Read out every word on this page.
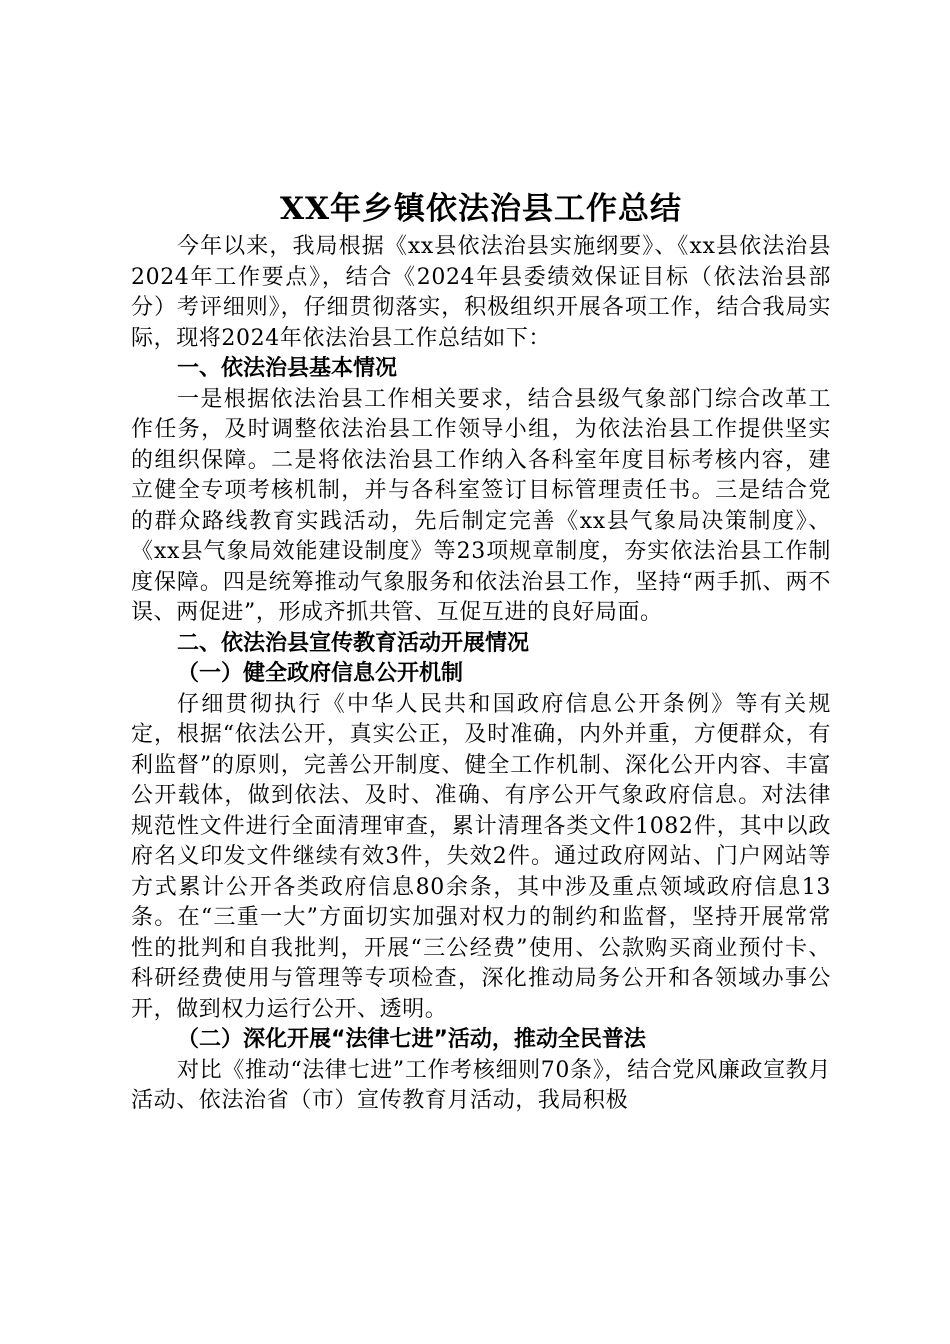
XX年乡镇依法治县工作总结

今年以来，我局根据《xx县依法治县实施纲要》、《xx县依法治县2024年工作要点》，结合《2024年县委绩效保证目标（依法治县部分）考评细则》，仔细贯彻落实，积极组织开展各项工作，结合我局实际，现将2024年依法治县工作总结如下：

一、依法治县基本情况

一是根据依法治县工作相关要求，结合县级气象部门综合改革工作任务，及时调整依法治县工作领导小组，为依法治县工作提供坚实的组织保障。二是将依法治县工作纳入各科室年度目标考核内容，建立健全专项考核机制，并与各科室签订目标管理责任书。三是结合党的群众路线教育实践活动，先后制定完善《xx县气象局决策制度》、《xx县气象局效能建设制度》等23项规章制度，夯实依法治县工作制度保障。四是统筹推动气象服务和依法治县工作，坚持“两手抓、两不误、两促进”，形成齐抓共管、互促互进的良好局面。

二、依法治县宣传教育活动开展情况

（一）健全政府信息公开机制

仔细贯彻执行《中华人民共和国政府信息公开条例》等有关规定，根据“依法公开，真实公正，及时准确，内外并重，方便群众，有利监督”的原则，完善公开制度、健全工作机制、深化公开内容、丰富公开载体，做到依法、及时、准确、有序公开气象政府信息。对法律规范性文件进行全面清理审查，累计清理各类文件1082件，其中以政府名义印发文件继续有效3件，失效2件。通过政府网站、门户网站等方式累计公开各类政府信息80余条，其中涉及重点领域政府信息13条。在“三重一大”方面切实加强对权力的制约和监督，坚持开展常常性的批判和自我批判，开展“三公经费”使用、公款购买商业预付卡、科研经费使用与管理等专项检查，深化推动局务公开和各领域办事公开，做到权力运行公开、透明。

（二）深化开展“法律七进”活动，推动全民普法

对比《推动“法律七进”工作考核细则70条》，结合党风廉政宣教月活动、依法治省（市）宣传教育月活动，我局积极
